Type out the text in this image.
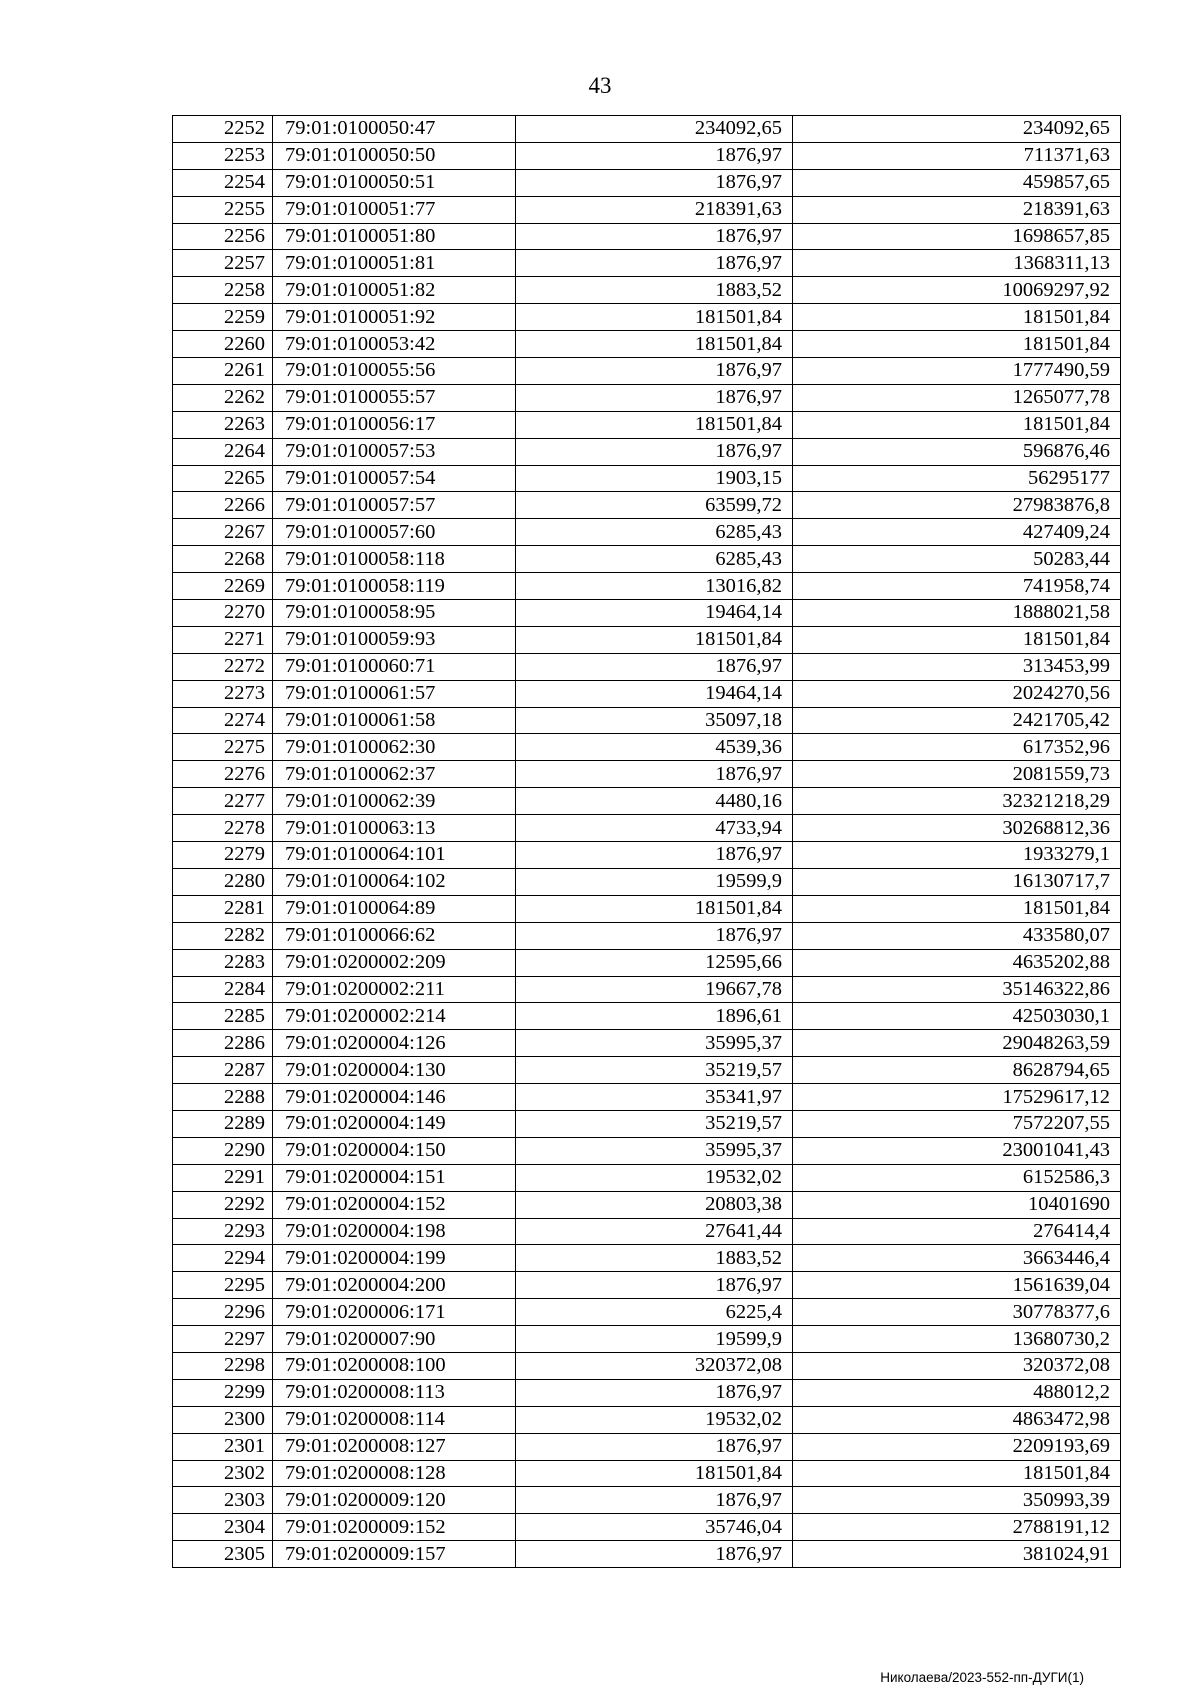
43
2252	79:01:0100050:47	234092,65	234092,65
2253	79:01:0100050:50	1876,97	711371,63
2254	79:01:0100050:51	1876,97	459857,65
2255	79:01:0100051:77	218391,63	218391,63
2256	79:01:0100051:80	1876,97	1698657,85
2257	79:01:0100051:81	1876,97	1368311,13
2258	79:01:0100051:82	1883,52	10069297,92
2259	79:01:0100051:92	181501,84	181501,84
2260	79:01:0100053:42	181501,84	181501,84
2261	79:01:0100055:56	1876,97	1777490,59
2262	79:01:0100055:57	1876,97	1265077,78
2263	79:01:0100056:17	181501,84	181501,84
2264	79:01:0100057:53	1876,97	596876,46
2265	79:01:0100057:54	1903,15	56295177
2266	79:01:0100057:57	63599,72	27983876,8
2267	79:01:0100057:60	6285,43	427409,24
2268	79:01:0100058:118	6285,43	50283,44
2269	79:01:0100058:119	13016,82	741958,74
2270	79:01:0100058:95	19464,14	1888021,58
2271	79:01:0100059:93	181501,84	181501,84
2272	79:01:0100060:71	1876,97	313453,99
2273	79:01:0100061:57	19464,14	2024270,56
2274	79:01:0100061:58	35097,18	2421705,42
2275	79:01:0100062:30	4539,36	617352,96
2276	79:01:0100062:37	1876,97	2081559,73
2277	79:01:0100062:39	4480,16	32321218,29
2278	79:01:0100063:13	4733,94	30268812,36
2279	79:01:0100064:101	1876,97	1933279,1
2280	79:01:0100064:102	19599,9	16130717,7
2281	79:01:0100064:89	181501,84	181501,84
2282	79:01:0100066:62	1876,97	433580,07
2283	79:01:0200002:209	12595,66	4635202,88
2284	79:01:0200002:211	19667,78	35146322,86
2285	79:01:0200002:214	1896,61	42503030,1
2286	79:01:0200004:126	35995,37	29048263,59
2287	79:01:0200004:130	35219,57	8628794,65
2288	79:01:0200004:146	35341,97	17529617,12
2289	79:01:0200004:149	35219,57	7572207,55
2290	79:01:0200004:150	35995,37	23001041,43
2291	79:01:0200004:151	19532,02	6152586,3
2292	79:01:0200004:152	20803,38	10401690
2293	79:01:0200004:198	27641,44	276414,4
2294	79:01:0200004:199	1883,52	3663446,4
2295	79:01:0200004:200	1876,97	1561639,04
2296	79:01:0200006:171	6225,4	30778377,6
2297	79:01:0200007:90	19599,9	13680730,2
2298	79:01:0200008:100	320372,08	320372,08
2299	79:01:0200008:113	1876,97	488012,2
2300	79:01:0200008:114	19532,02	4863472,98
2301	79:01:0200008:127	1876,97	2209193,69
2302	79:01:0200008:128	181501,84	181501,84
2303	79:01:0200009:120	1876,97	350993,39
2304	79:01:0200009:152	35746,04	2788191,12
2305	79:01:0200009:157	1876,97	381024,91
Николаева/2023-552-пп-ДУГИ(1)
